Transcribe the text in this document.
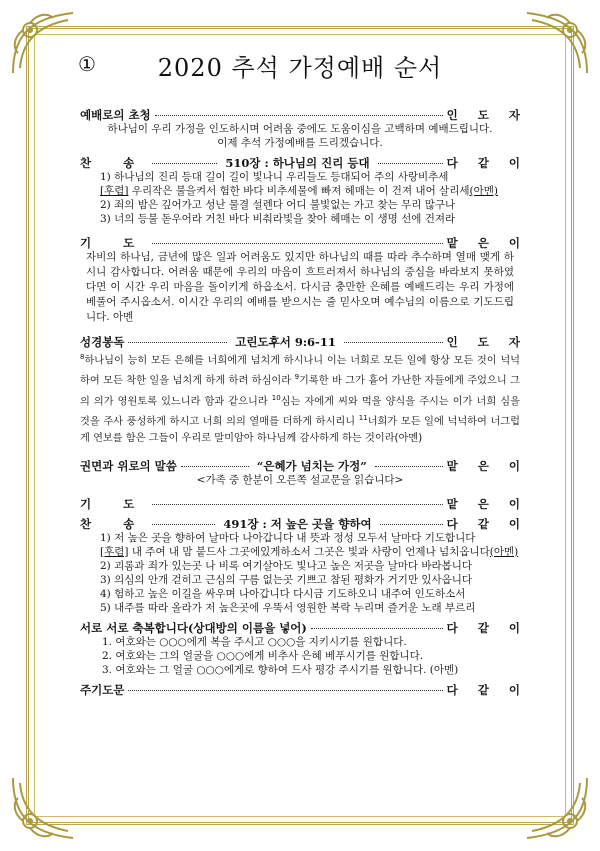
①	2020 추석 가정예배 순서
예배로의 초청	인 도 자
하나님이 우리 가정을 인도하시며 어려움 중에도 도움이심을 고백하며 예배드립니다.
이제 추석 가정예배를 드리겠습니다.
찬 송	510장 : 하나님의 진리 등대	다 같 이
1) 하나님의 진리 등대 길이 길이 빛나니 우리들도 등대되어 주의 사랑비추세
[후렴] 우리작은 불을켜서 험한 바다 비추세물에 빠져 헤매는 이 건져 내어 살리세(아멘)
2) 죄의 밤은 깊어가고 성난 물결 설렌다 어디 불빛없는 가고 찾는 무리 많구나
3) 너의 등불 돋우어라 거친 바다 비춰라빛을 찾아 헤매는 이 생명 선에 건져라
기 도	맡 은 이
자비의 하나님, 금년에 많은 일과 어려움도 있지만 하나님의 때를 따라 추수하며 열매 맺게 하시니 감사합니다. 어려움 때문에 우리의 마음이 흐트러져서 하나님의 중심을 바라보지 못하였다면 이 시간 우리 마음을 돌이키게 하옵소서. 다시금 충만한 은혜를 예배드리는 우리 가정에 베풀어 주시옵소서. 이시간 우리의 예배를 받으시는 줄 믿사오며 예수님의 이름으로 기도드립니다. 아멘
성경봉독	고린도후서 9:6-11	인 도 자
$^8$하나님이 능히 모든 은혜를 너희에게 넘치게 하시나니 이는 너희로 모든 일에 항상 모든 것이 넉넉하여 모든 착한 일을 넘치게 하게 하려 하심이라 $^9$기록한 바 그가 흩어 가난한 자들에게 주었으니 그의 의가 영원토록 있느니라 함과 같으니라 $^{10}$심는 자에게 씨와 먹을 양식을 주시는 이가 너희 심을 것을 주사 풍성하게 하시고 너희 의의 열매를 더하게 하시리니 $^{11}$너희가 모든 일에 넉넉하여 너그럽게 연보를 함은 그들이 우리로 말미암아 하나님께 감사하게 하는 것이라(아멘)
권면과 위로의 말씀	“은혜가 넘치는 가정”	맡 은 이
<가족 중 한분이 오른쪽 설교문을 읽습니다>
기 도	맡 은 이
찬 송	491장 : 저 높은 곳을 향하여	다 같 이
1) 저 높은 곳을 향하여 날마다 나아갑니다 내 뜻과 정성 모두서 날마다 기도합니다
[후렴] 내 주여 내 맘 붙드사 그곳에있게하소서 그곳은 빛과 사랑이 언제나 넘치옵니다(아멘)
2) 괴롬과 죄가 있는곳 나 비록 여기살아도 빛나고 높은 저곳을 날마다 바라봅니다
3) 의심의 안개 걷히고 근심의 구름 없는곳 기쁘고 참된 평화가 거기만 있사옵니다
4) 험하고 높은 이길을 싸우며 나아갑니다 다시금 기도하오니 내주여 인도하소서
5) 내주를 따라 올라가 저 높은곳에 우뚝서 영원한 복락 누리며 즐거운 노래 부르리
서로 서로 축복합니다(상대방의 이름을 넣어)	다 같 이
1. 여호와는 ○○○에게 복을 주시고 ○○○을 지키시기를 원합니다.
2. 여호와는 그의 얼굴을 ○○○에게 비추사 은혜 베푸시기를 원합니다.
3. 여호와는 그 얼굴 ○○○에게로 향하여 드사 평강 주시기를 원합니다. (아멘)
주기도문	다 같 이
